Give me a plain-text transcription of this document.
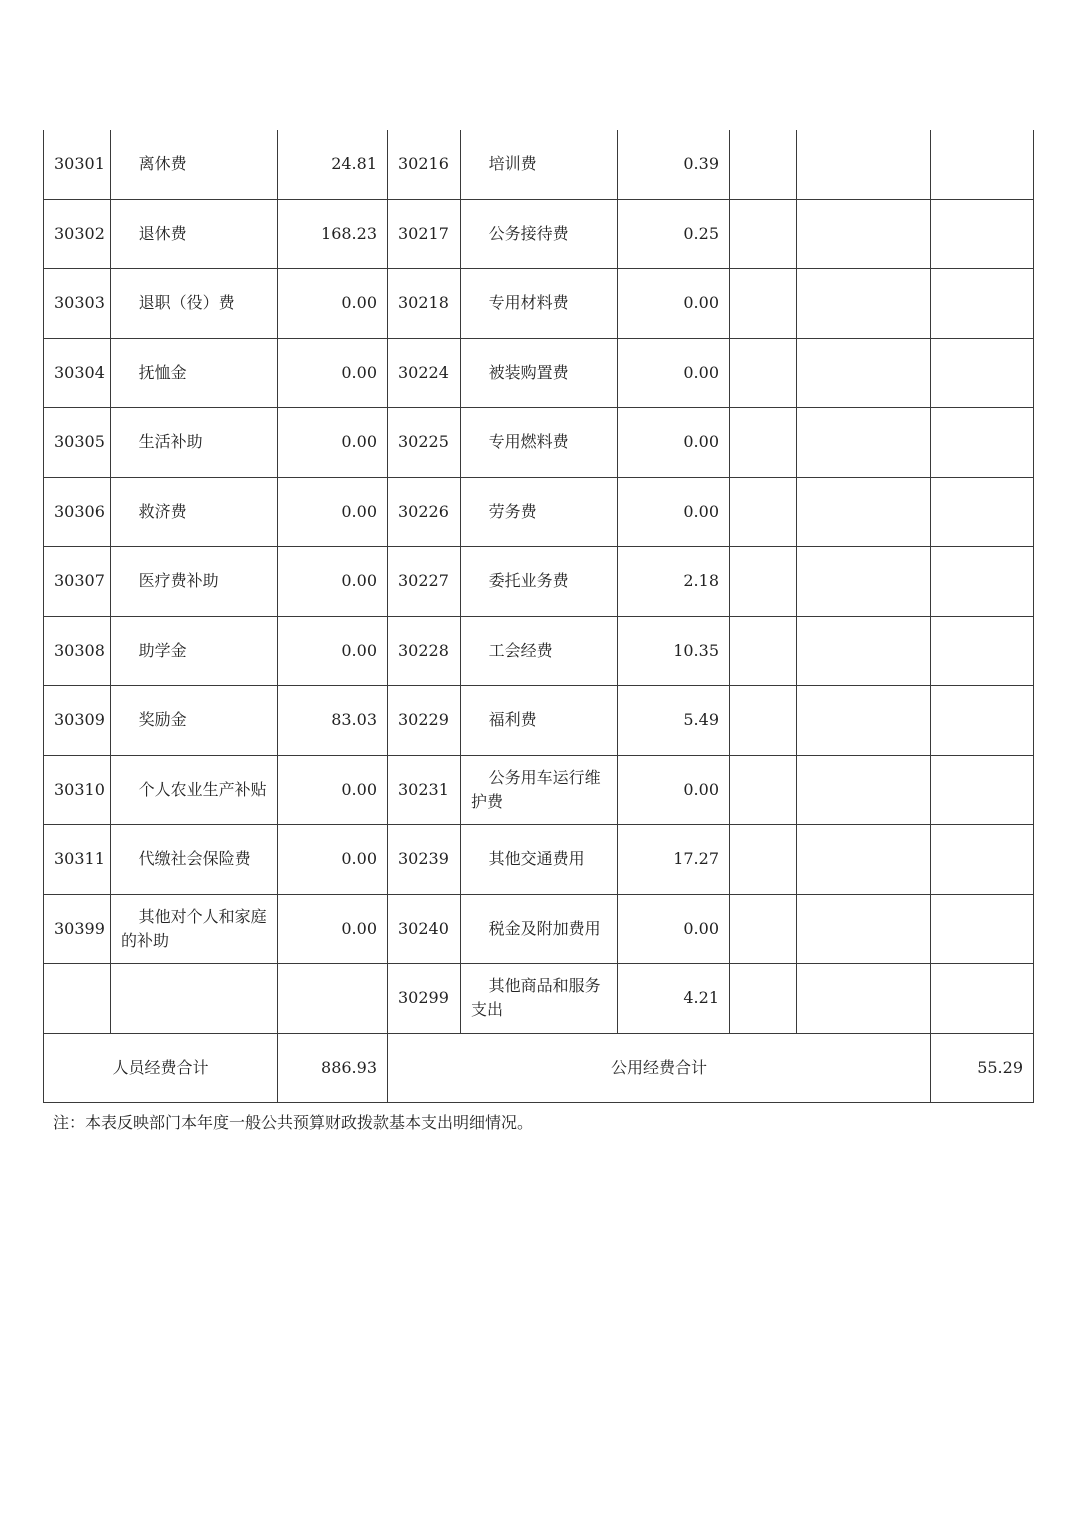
30301	离休费	24.81	30216	培训费	0.39			
30302	退休费	168.23	30217	公务接待费	0.25			
30303	退职（役）费	0.00	30218	专用材料费	0.00			
30304	抚恤金	0.00	30224	被装购置费	0.00			
30305	生活补助	0.00	30225	专用燃料费	0.00			
30306	救济费	0.00	30226	劳务费	0.00			
30307	医疗费补助	0.00	30227	委托业务费	2.18			
30308	助学金	0.00	30228	工会经费	10.35			
30309	奖励金	83.03	30229	福利费	5.49			
30310	个人农业生产补贴	0.00	30231	公务用车运行维护费	0.00			
30311	代缴社会保险费	0.00	30239	其他交通费用	17.27			
30399	其他对个人和家庭的补助	0.00	30240	税金及附加费用	0.00			
			30299	其他商品和服务支出	4.21			
人员经费合计		886.93	公用经费合计					55.29

注：本表反映部门本年度一般公共预算财政拨款基本支出明细情况。
